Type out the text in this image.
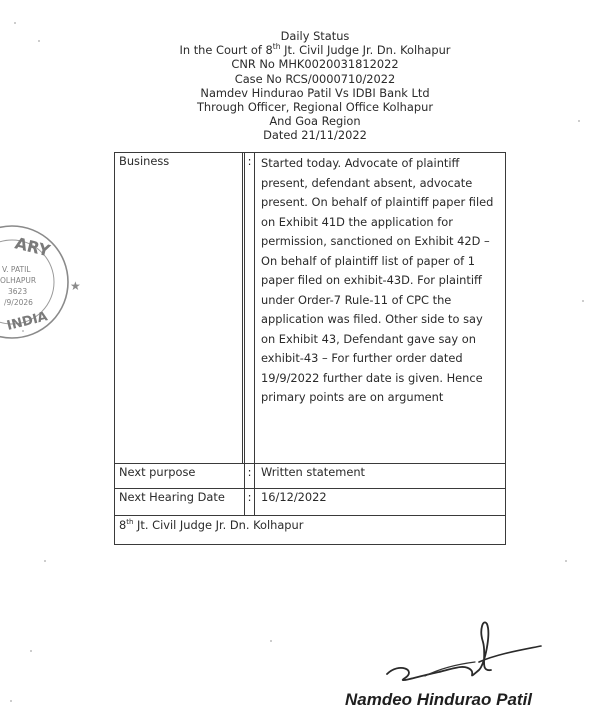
Daily Status
In the Court of 8th Jt. Civil Judge Jr. Dn. Kolhapur
CNR No MHK0020031812022
Case No RCS/0000710/2022
Namdev Hindurao Patil Vs IDBI Bank Ltd
Through Officer, Regional Office Kolhapur
And Goa Region
Dated 21/11/2022
Business	: Started today. Advocate of plaintiff present, defendant absent, advocate present. On behalf of plaintiff paper filed on Exhibit 41D the application for permission, sanctioned on Exhibit 42D – On behalf of plaintiff list of paper of 1 paper filed on exhibit-43D. For plaintiff under Order-7 Rule-11 of CPC the application was filed. Other side to say on Exhibit 43, Defendant gave say on exhibit-43 – For further order dated 19/9/2022 further date is given. Hence primary points are on argument
Next purpose	: Written statement
Next Hearing Date	: 16/12/2022
8th Jt. Civil Judge Jr. Dn. Kolhapur
ARY
V. PATIL
OLHAPUR
3623
/9/2026
INDIA
★
Namdeo Hindurao Patil
